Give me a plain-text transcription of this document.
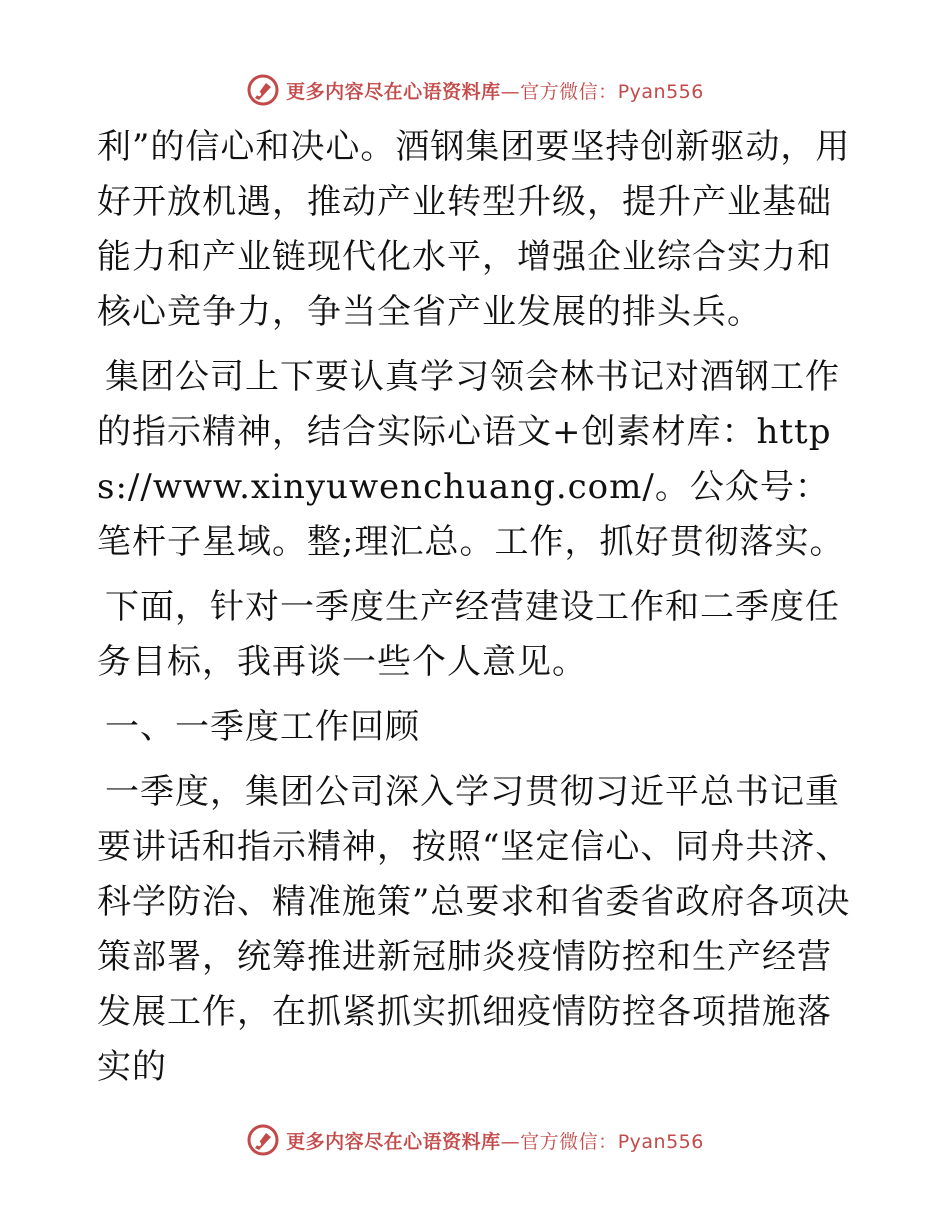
更多内容尽在心语资料库—官方微信：Pyan556

利”的信心和决心。酒钢集团要坚持创新驱动，用好开放机遇，推动产业转型升级，提升产业基础能力和产业链现代化水平，增强企业综合实力和核心竞争力，争当全省产业发展的排头兵。

集团公司上下要认真学习领会林书记对酒钢工作的指示精神，结合实际心语文+创素材库：https://www.xinyuwenchuang.com/。公众号：笔杆子星域。整;理汇总。工作，抓好贯彻落实。

下面，针对一季度生产经营建设工作和二季度任务目标，我再谈一些个人意见。

一、一季度工作回顾

一季度，集团公司深入学习贯彻习近平总书记重要讲话和指示精神，按照“坚定信心、同舟共济、科学防治、精准施策”总要求和省委省政府各项决策部署，统筹推进新冠肺炎疫情防控和生产经营发展工作，在抓紧抓实抓细疫情防控各项措施落实的

更多内容尽在心语资料库—官方微信：Pyan556
